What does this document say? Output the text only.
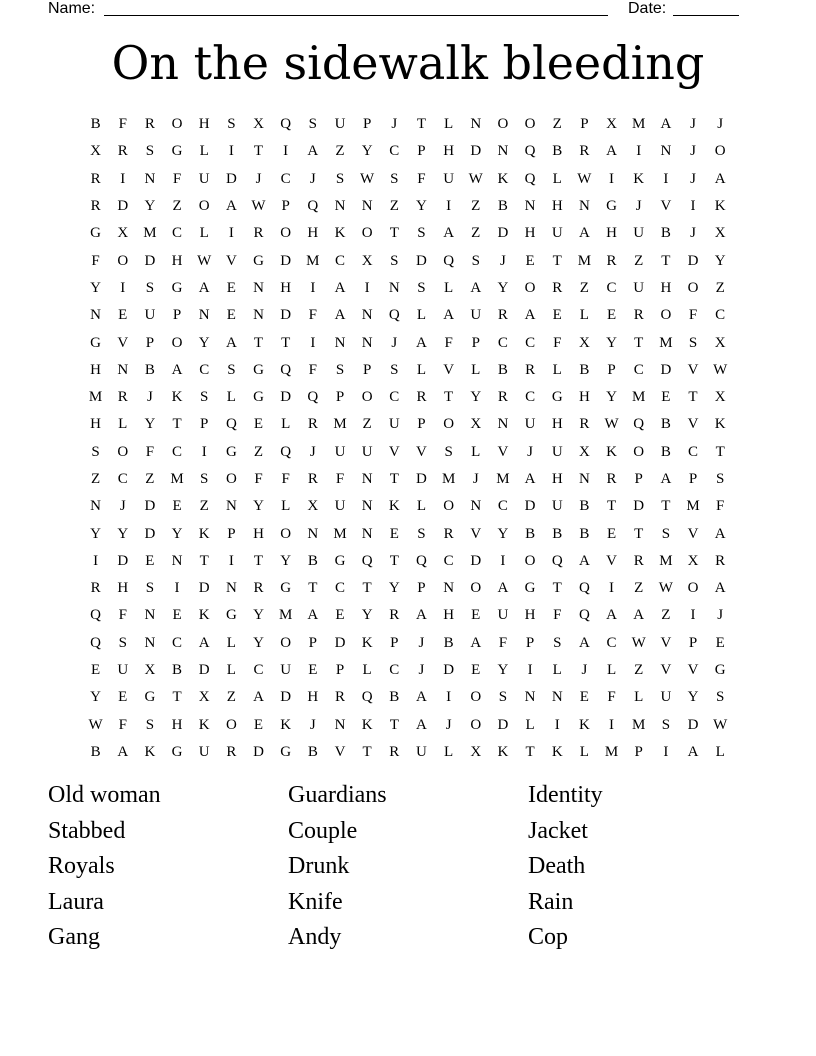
Name:	Date:
On the sidewalk bleeding
B	F	R	O	H	S	X	Q	S	U	P	J	T	L	N	O	O	Z	P	X	M	A	J	J
X	R	S	G	L	I	T	I	A	Z	Y	C	P	H	D	N	Q	B	R	A	I	N	J	O
R	I	N	F	U	D	J	C	J	S	W	S	F	U W K	Q	L	W	I	K	I	J	A
R	D	Y	Z	O	A W	P	Q	N	N	Z	Y	I	Z	B	N	H	N	G	J	V	I	K
G	X	M	C	L	I	R	O	H	K	O	T	S	A	Z	D	H	U	A	H	U	B	J	X
F	O	D	H W V	G	D	M	C	X	S	D	Q	S	J	E	T	M	R	Z	T	D	Y
Y	I	S	G	A	E	N	H	I	A	I	N	S	L	A	Y	O	R	Z	C	U	H	O	Z
N	E	U	P	N	E	N	D	F	A	N	Q	L	A	U	R	A	E	L	E	R	O	F	C
G	V	P	O	Y	A	T	T	I	N	N	J	A	F	P	C	C	F	X	Y	T	M	S	X
H	N	B	A	C	S	G	Q	F	S	P	S	L	V	L	B	R	L	B	P	C	D	V W
M	R	J	K	S	L	G	D	Q	P	O	C	R	T	Y	R	C	G	H	Y	M	E	T	X
H	L	Y	T	P	Q	E	L	R	M	Z	U	P	O	X	N	U	H	R	W Q	B	V	K
S	O	F	C	I	G	Z	Q	J	U	U	V	V	S	L	V	J	U	X	K	O	B	C	T
Z	C	Z	M	S	O	F	F	R	F	N	T	D	M	J	M	A	H	N	R	P	A	P	S
N	J	D	E	Z	N	Y	L	X	U	N	K	L	O	N	C	D	U	B	T	D	T	M	F
Y	Y	D	Y	K	P	H	O	N	M	N	E	S	R	V	Y	B	B	B	E	T	S	V	A
I	D	E	N	T	I	T	Y	B	G	Q	T	Q	C	D	I	O	Q	A	V	R	M	X	R
R	H	S	I	D	N	R	G	T	C	T	Y	P	N	O	A	G	T	Q	I	Z	W O	A
Q	F	N	E	K	G	Y	M	A	E	Y	R	A	H	E	U	H	F	Q	A	A	Z	I	J
Q	S	N	C	A	L	Y	O	P	D	K	P	J	B	A	F	P	S	A	C	W V	P	E
E	U	X	B	D	L	C	U	E	P	L	C	J	D	E	Y	I	L	J	L	Z	V	V	G
Y	E	G	T	X	Z	A	D	H	R	Q	B	A	I	O	S	N	N	E	F	L	U	Y	S
W	F	S	H	K	O	E	K	J	N	K	T	A	J	O	D	L	I	K	I	M	S	D W
B	A	K	G	U	R	D	G	B	V	T	R	U	L	X	K	T	K	L	M	P	I	A	L
Old woman	Guardians	Identity
Stabbed	Couple	Jacket
Royals	Drunk	Death
Laura	Knife	Rain
Gang	Andy	Cop
